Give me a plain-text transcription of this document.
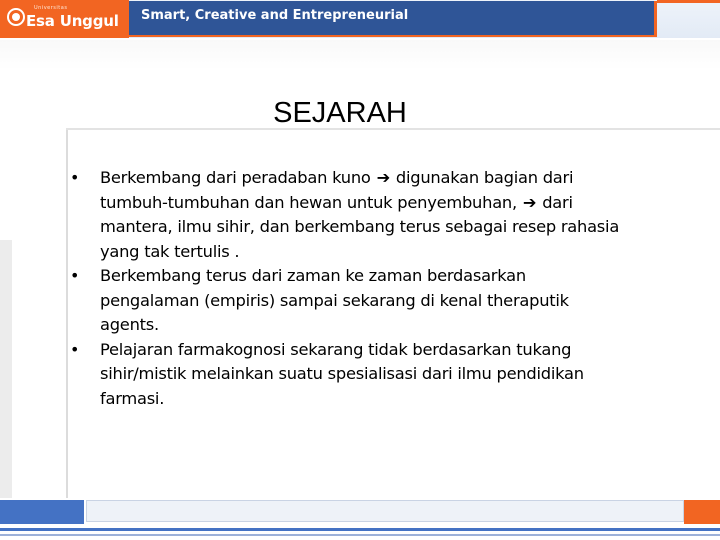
Universitas
Esa Unggul Smart, Creative and Entrepreneurial
SEJARAH
• Berkembang dari peradaban kuno ➔ digunakan bagian dari tumbuh-tumbuhan dan hewan untuk penyembuhan, ➔ dari mantera, ilmu sihir, dan berkembang terus sebagai resep rahasia yang tak tertulis .
• Berkembang terus dari zaman ke zaman berdasarkan pengalaman (empiris) sampai sekarang di kenal theraputik agents.
• Pelajaran farmakognosi sekarang tidak berdasarkan tukang sihir/mistik melainkan suatu spesialisasi dari ilmu pendidikan farmasi.
